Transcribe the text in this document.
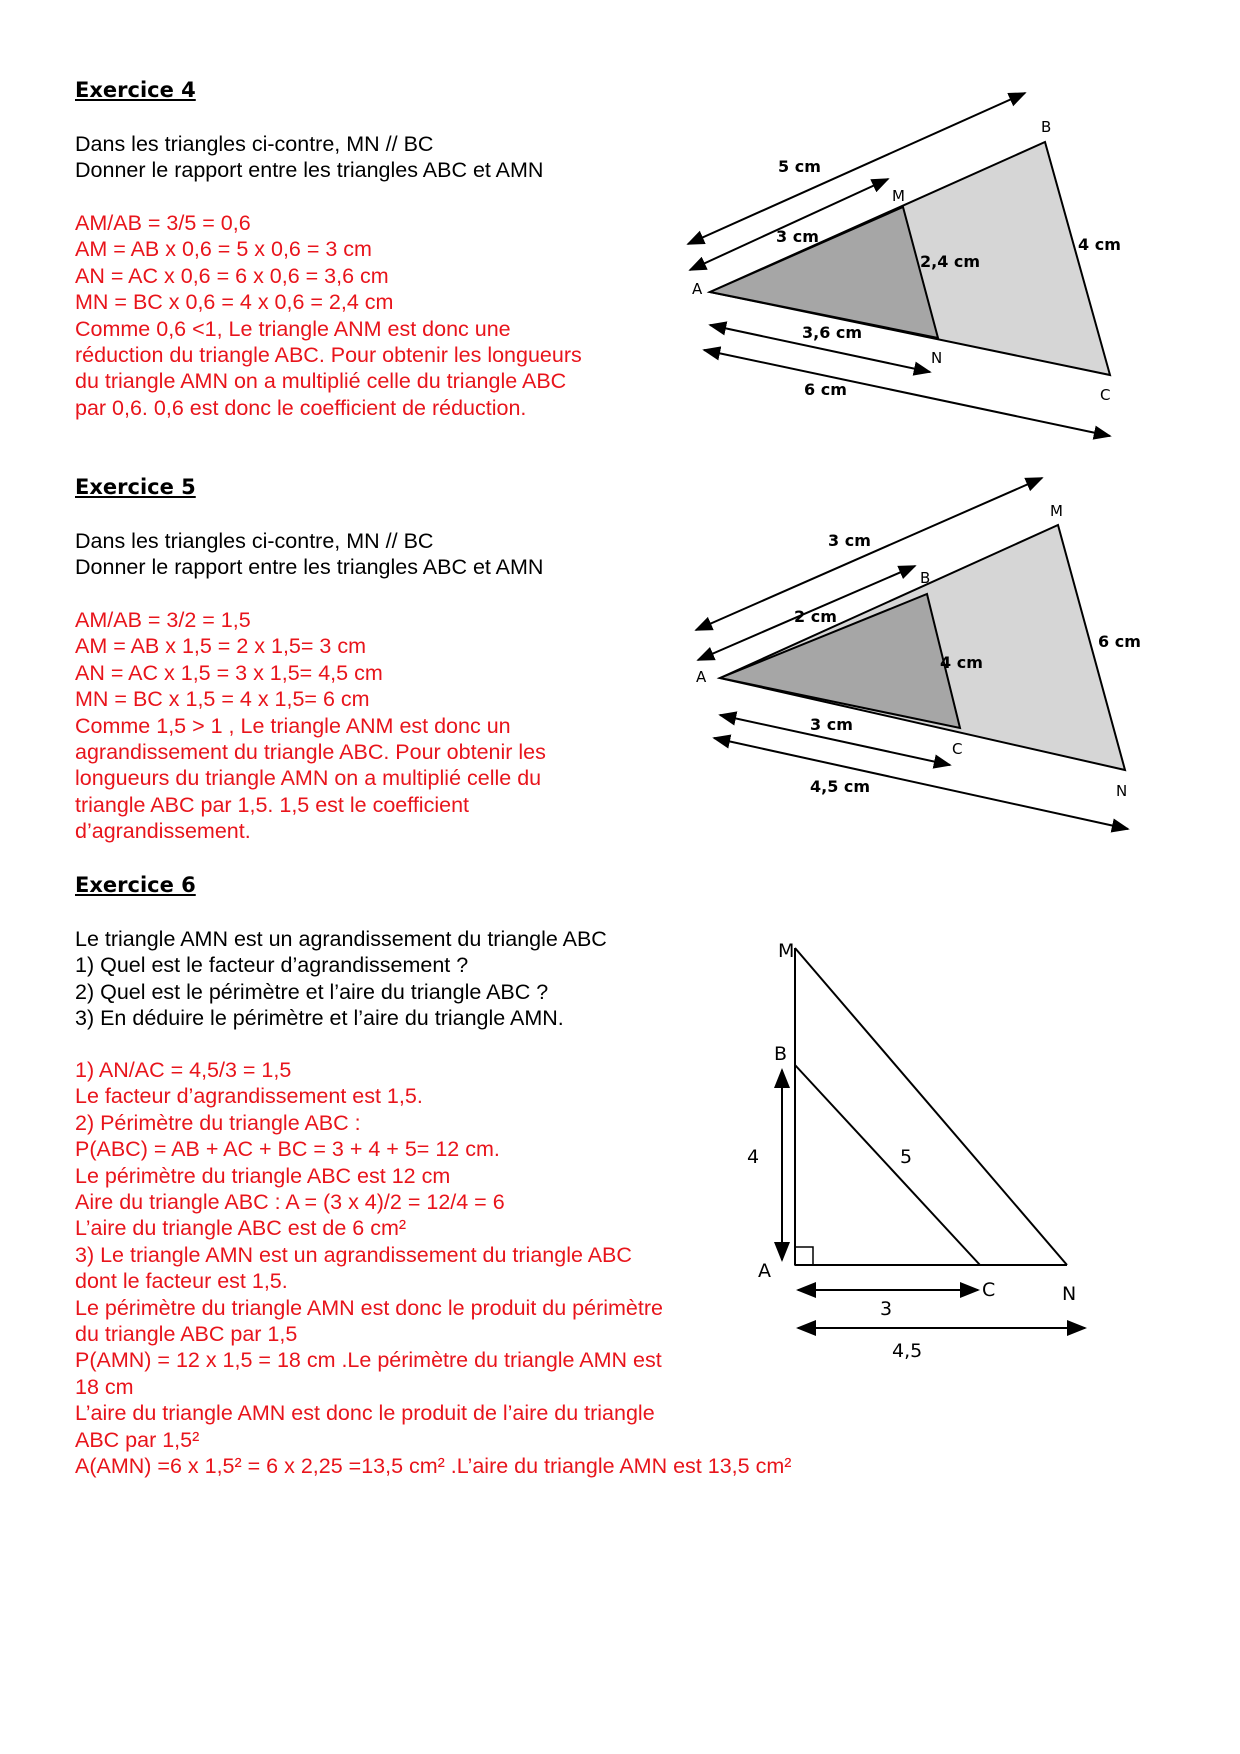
Exercice 4

Dans les triangles ci-contre, MN // BC

Donner le rapport entre les triangles ABC et AMN

AM/AB = 3/5 = 0,6

AM = AB x 0,6 = 5 x 0,6 = 3 cm

AN = AC x 0,6 = 6 x 0,6 = 3,6 cm

MN = BC x 0,6 = 4 x 0,6 = 2,4 cm

Comme 0,6 <1, Le triangle ANM est donc une

réduction du triangle ABC. Pour obtenir les longueurs

du triangle AMN on a multiplié celle du triangle ABC

par 0,6. 0,6 est donc le coefficient de réduction.

A
B
C
M
N
5 cm
3 cm
2,4 cm
4 cm
3,6 cm
6 cm
Exercice 5

Dans les triangles ci-contre, MN // BC

Donner le rapport entre les triangles ABC et AMN

AM/AB = 3/2 = 1,5

AM = AB x 1,5 = 2 x 1,5= 3 cm

AN = AC x 1,5 = 3 x 1,5= 4,5 cm

MN = BC x 1,5 = 4 x 1,5= 6 cm

Comme 1,5 > 1 , Le triangle ANM est donc un

agrandissement du triangle ABC. Pour obtenir les

longueurs du triangle AMN on a multiplié celle du

triangle ABC par 1,5. 1,5 est le coefficient

d’agrandissement.

A
B
C
M
N
3 cm
2 cm
4 cm
6 cm
3 cm
4,5 cm
Exercice 6

Le triangle AMN est un agrandissement du triangle ABC

1) Quel est le facteur d’agrandissement ?

2) Quel est le périmètre et l’aire du triangle ABC ?

3) En déduire le périmètre et l’aire du triangle AMN.

1) AN/AC = 4,5/3 = 1,5

Le facteur d’agrandissement est 1,5.

2) Périmètre du triangle ABC :

P(ABC) = AB + AC + BC = 3 + 4 + 5= 12 cm.

Le périmètre du triangle ABC est 12 cm

Aire du triangle ABC : A = (3 x 4)/2 = 12/4 = 6

L’aire du triangle ABC est de 6 cm²

3) Le triangle AMN est un agrandissement du triangle ABC

dont le facteur est 1,5.

Le périmètre du triangle AMN est donc le produit du périmètre

du triangle ABC par 1,5

P(AMN) = 12 x 1,5 = 18 cm .Le périmètre du triangle AMN est

18 cm

L’aire du triangle AMN est donc le produit de l’aire du triangle

ABC par 1,5²

A(AMN) =6 x 1,5² = 6 x 2,25 =13,5 cm² .L’aire du triangle AMN est 13,5 cm²

M
B
A
C	N
4	5
3
4,5
